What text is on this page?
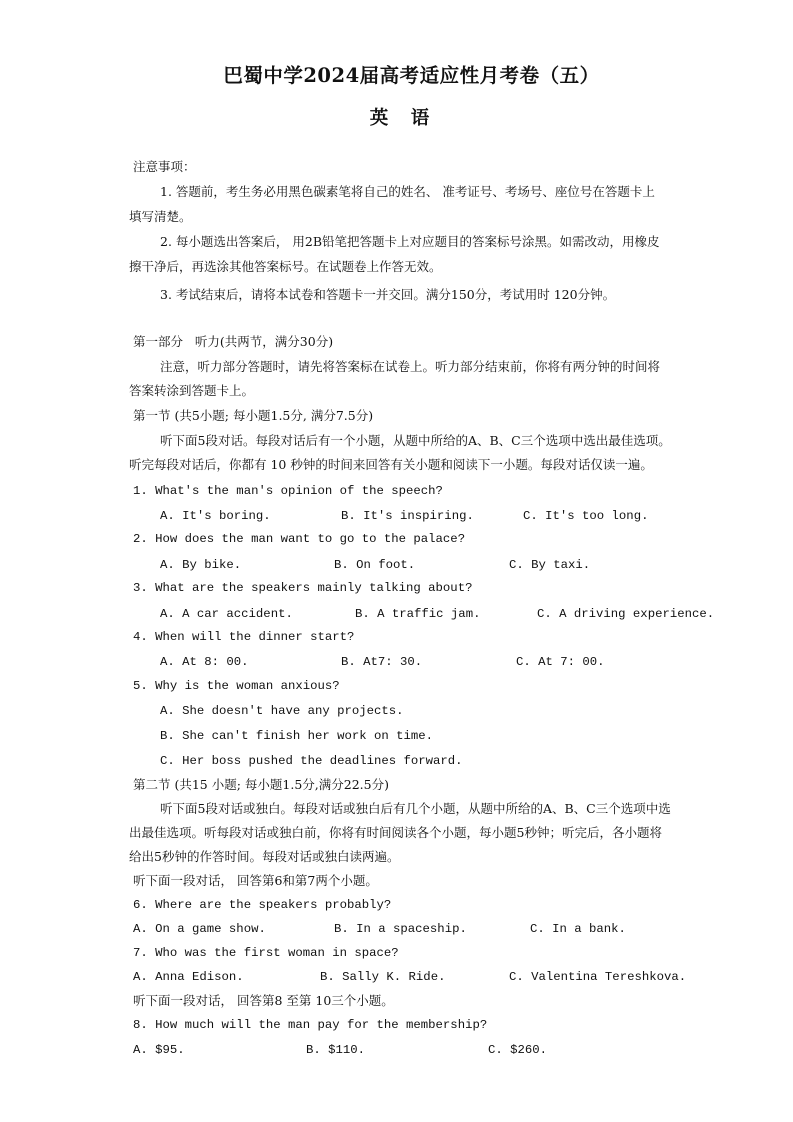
巴蜀中学2024届高考适应性月考卷（五）
英 语
注意事项：
1. 答题前，考生务必用黑色碳素笔将自己的姓名、 准考证号、考场号、座位号在答题卡上
填写清楚。
2. 每小题选出答案后， 用2B铅笔把答题卡上对应题目的答案标号涂黑。如需改动，用橡皮
擦干净后，再选涂其他答案标号。在试题卷上作答无效。
3. 考试结束后，请将本试卷和答题卡一并交回。满分150分，考试用时 120分钟。
第一部分   听力(共两节，满分30分)
注意，听力部分答题时，请先将答案标在试卷上。听力部分结束前，你将有两分钟的时间将
答案转涂到答题卡上。
第一节 (共5小题; 每小题1.5分, 满分7.5分)
听下面5段对话。每段对话后有一个小题，从题中所给的A、B、C三个选项中选出最佳选项。
听完每段对话后，你都有 10 秒钟的时间来回答有关小题和阅读下一小题。每段对话仅读一遍。
1. What's the man's opinion of the speech?
A. It's boring.	B. It's inspiring.	C. It's too long.
2. How does the man want to go to the palace?
A. By bike.	B. On foot.	C. By taxi.
3. What are the speakers mainly talking about?
A. A car accident.	B. A traffic jam.	C. A driving experience.
4. When will the dinner start?
A. At 8: 00.	B. At7: 30.	C. At 7: 00.
5. Why is the woman anxious?
A. She doesn't have any projects.
B. She can't finish her work on time.
C. Her boss pushed the deadlines forward.
第二节 (共15 小题; 每小题1.5分,满分22.5分)
听下面5段对话或独白。每段对话或独白后有几个小题，从题中所给的A、B、C三个选项中选
出最佳选项。听每段对话或独白前，你将有时间阅读各个小题，每小题5秒钟；听完后，各小题将
给出5秒钟的作答时间。每段对话或独白读两遍。
听下面一段对话， 回答第6和第7两个小题。
6. Where are the speakers probably?
A. On a game show.	B. In a spaceship.	C. In a bank.
7. Who was the first woman in space?
A. Anna Edison.	B. Sally K. Ride.	C. Valentina Tereshkova.
听下面一段对话， 回答第8 至第 10三个小题。
8. How much will the man pay for the membership?
A. $95.	B. $110.	C. $260.
